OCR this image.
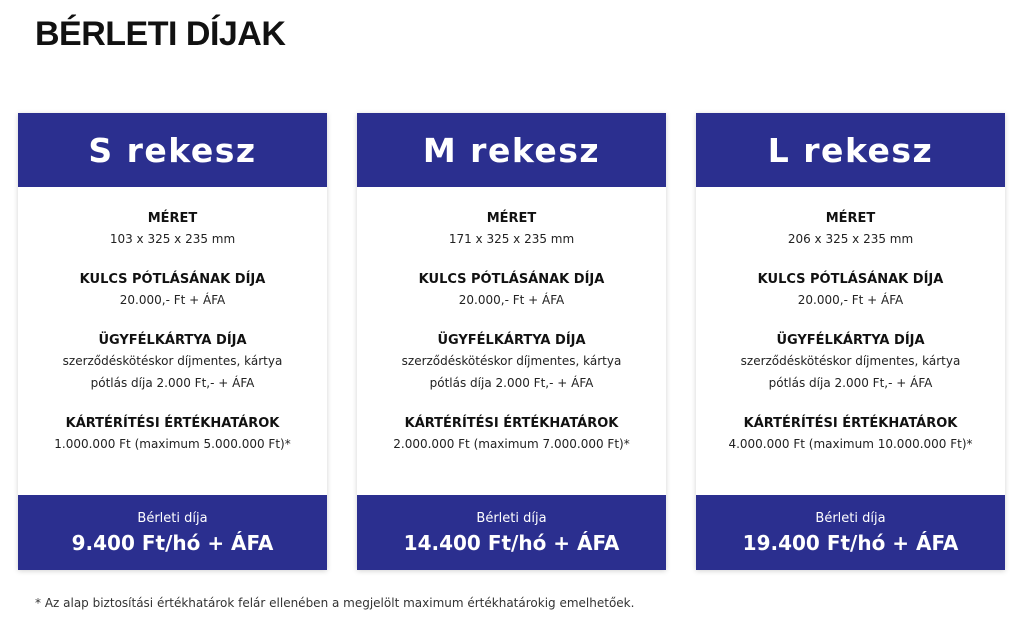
BÉRLETI DÍJAK
S rekesz
MÉRET
103 x 325 x 235 mm
KULCS PÓTLÁSÁNAK DÍJA
20.000,- Ft + ÁFA
ÜGYFÉLKÁRTYA DÍJA
szerződéskötéskor díjmentes, kártya pótlás díja 2.000 Ft,- + ÁFA
KÁRTÉRÍTÉSI ÉRTÉKHATÁROK
1.000.000 Ft (maximum 5.000.000 Ft)*
Bérleti díja
9.400 Ft/hó + ÁFA
M rekesz
MÉRET
171 x 325 x 235 mm
KULCS PÓTLÁSÁNAK DÍJA
20.000,- Ft + ÁFA
ÜGYFÉLKÁRTYA DÍJA
szerződéskötéskor díjmentes, kártya pótlás díja 2.000 Ft,- + ÁFA
KÁRTÉRÍTÉSI ÉRTÉKHATÁROK
2.000.000 Ft (maximum 7.000.000 Ft)*
Bérleti díja
14.400 Ft/hó + ÁFA
L rekesz
MÉRET
206 x 325 x 235 mm
KULCS PÓTLÁSÁNAK DÍJA
20.000,- Ft + ÁFA
ÜGYFÉLKÁRTYA DÍJA
szerződéskötéskor díjmentes, kártya pótlás díja 2.000 Ft,- + ÁFA
KÁRTÉRÍTÉSI ÉRTÉKHATÁROK
4.000.000 Ft (maximum 10.000.000 Ft)*
Bérleti díja
19.400 Ft/hó + ÁFA

* Az alap biztosítási értékhatárok felár ellenében a megjelölt maximum értékhatárokig emelhetőek.
